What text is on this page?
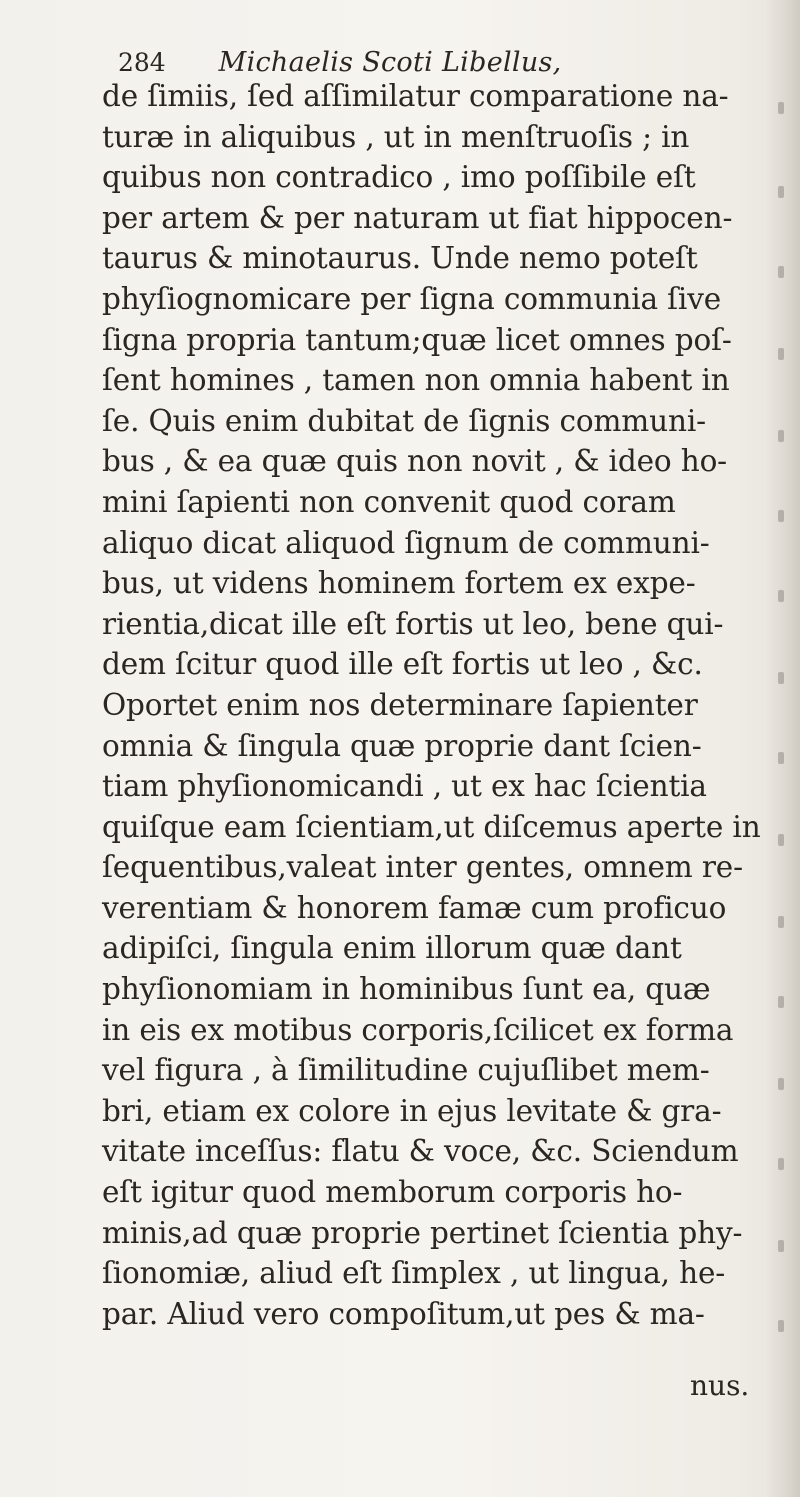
284 Michaelis Scoti Libellus,
de ſimiis, ſed aſſimilatur comparatione na-
turæ in aliquibus , ut in menſtruoſis ; in
quibus non contradico , imo poſſibile eſt
per artem & per naturam ut fiat hippocen-
taurus & minotaurus. Unde nemo poteſt
phyſiognomicare per ſigna communia ſive
ſigna propria tantum;quæ licet omnes poſ-
ſent homines , tamen non omnia habent in
ſe. Quis enim dubitat de ſignis communi-
bus , & ea quæ quis non novit , & ideo ho-
mini ſapienti non convenit quod coram
aliquo dicat aliquod ſignum de communi-
bus, ut videns hominem fortem ex expe-
rientia,dicat ille eſt fortis ut leo, bene qui-
dem ſcitur quod ille eſt fortis ut leo , &c.
Oportet enim nos determinare ſapienter
omnia & ſingula quæ proprie dant ſcien-
tiam phyſionomicandi , ut ex hac ſcientia
quiſque eam ſcientiam,ut diſcemus aperte in
ſequentibus,valeat inter gentes, omnem re-
verentiam & honorem famæ cum proficuo
adipiſci, ſingula enim illorum quæ dant
phyſionomiam in hominibus ſunt ea, quæ
in eis ex motibus corporis,ſcilicet ex forma
vel figura , à ſimilitudine cujuſlibet mem-
bri, etiam ex colore in ejus levitate & gra-
vitate inceſſus: flatu & voce, &c. Sciendum
eſt igitur quod memborum corporis ho-
minis,ad quæ proprie pertinet ſcientia phy-
ſionomiæ, aliud eſt ſimplex , ut lingua, he-
par. Aliud vero compoſitum,ut pes & ma-
nus.
